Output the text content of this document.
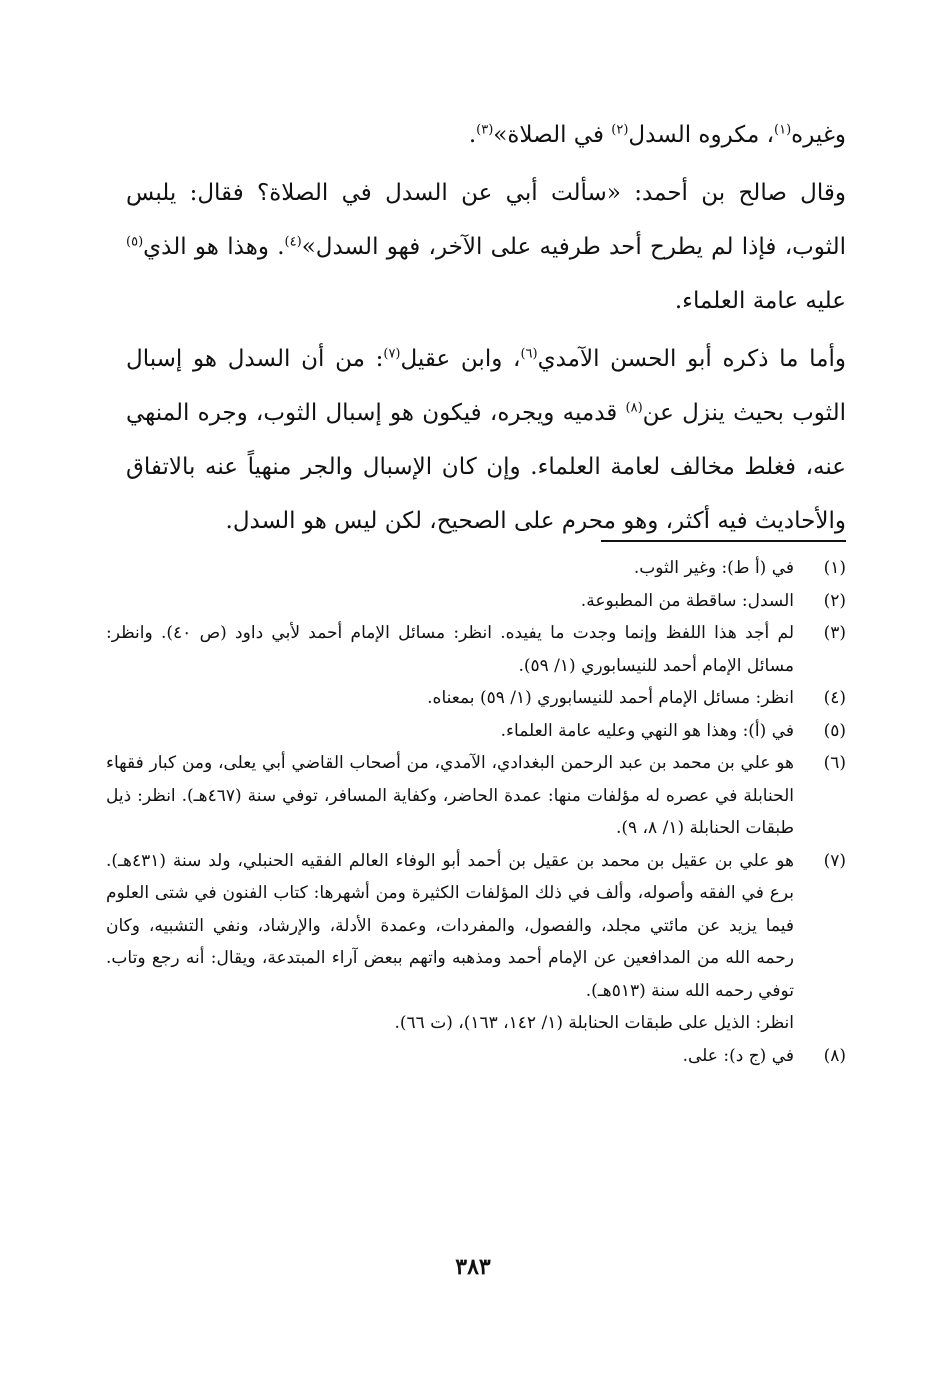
وغيره$^{(١)}$، مكروه السدل$^{(٢)}$ في الصلاة»$^{(٣)}$.

وقال صالح بن أحمد: «سألت أبي عن السدل في الصلاة؟ فقال: يلبس الثوب، فإذا لم يطرح أحد طرفيه على الآخر، فهو السدل»$^{(٤)}$. وهذا هو الذي$^{(٥)}$ عليه عامة العلماء.

وأما ما ذكره أبو الحسن الآمدي$^{(٦)}$، وابن عقيل$^{(٧)}$: من أن السدل هو إسبال الثوب بحيث ينزل عن$^{(٨)}$ قدميه ويجره، فيكون هو إسبال الثوب، وجره المنهي عنه، فغلط مخالف لعامة العلماء. وإن كان الإسبال والجر منهياً عنه بالاتفاق والأحاديث فيه أكثر، وهو محرم على الصحيح، لكن ليس هو السدل.

(١)

في (أ ط): وغير الثوب.

(٢)

السدل: ساقطة من المطبوعة.

(٣)

لم أجد هذا اللفظ وإنما وجدت ما يفيده. انظر: مسائل الإمام أحمد لأبي داود (ص ٤٠). وانظر: مسائل الإمام أحمد للنيسابوري (١/ ٥٩).

(٤)

انظر: مسائل الإمام أحمد للنيسابوري (١/ ٥٩) بمعناه.

(٥)

في (أ): وهذا هو النهي وعليه عامة العلماء.

(٦)

هو علي بن محمد بن عبد الرحمن البغدادي، الآمدي، من أصحاب القاضي أبي يعلى، ومن كبار فقهاء الحنابلة في عصره له مؤلفات منها: عمدة الحاضر، وكفاية المسافر، توفي سنة (٤٦٧هـ). انظر: ذيل طبقات الحنابلة (١/ ٨، ٩).

(٧)

هو علي بن عقيل بن محمد بن عقيل بن أحمد أبو الوفاء العالم الفقيه الحنبلي، ولد سنة (٤٣١هـ). برع في الفقه وأصوله، وألف في ذلك المؤلفات الكثيرة ومن أشهرها: كتاب الفنون في شتى العلوم فيما يزيد عن مائتي مجلد، والفصول، والمفردات، وعمدة الأدلة، والإرشاد، ونفي التشبيه، وكان رحمه الله من المدافعين عن الإمام أحمد ومذهبه واتهم ببعض آراء المبتدعة، ويقال: أنه رجع وتاب. توفي رحمه الله سنة (٥١٣هـ).

انظر: الذيل على طبقات الحنابلة (١/ ١٤٢، ١٦٣)، (ت ٦٦).

(٨)

في (ج د): على.

٣٨٣
